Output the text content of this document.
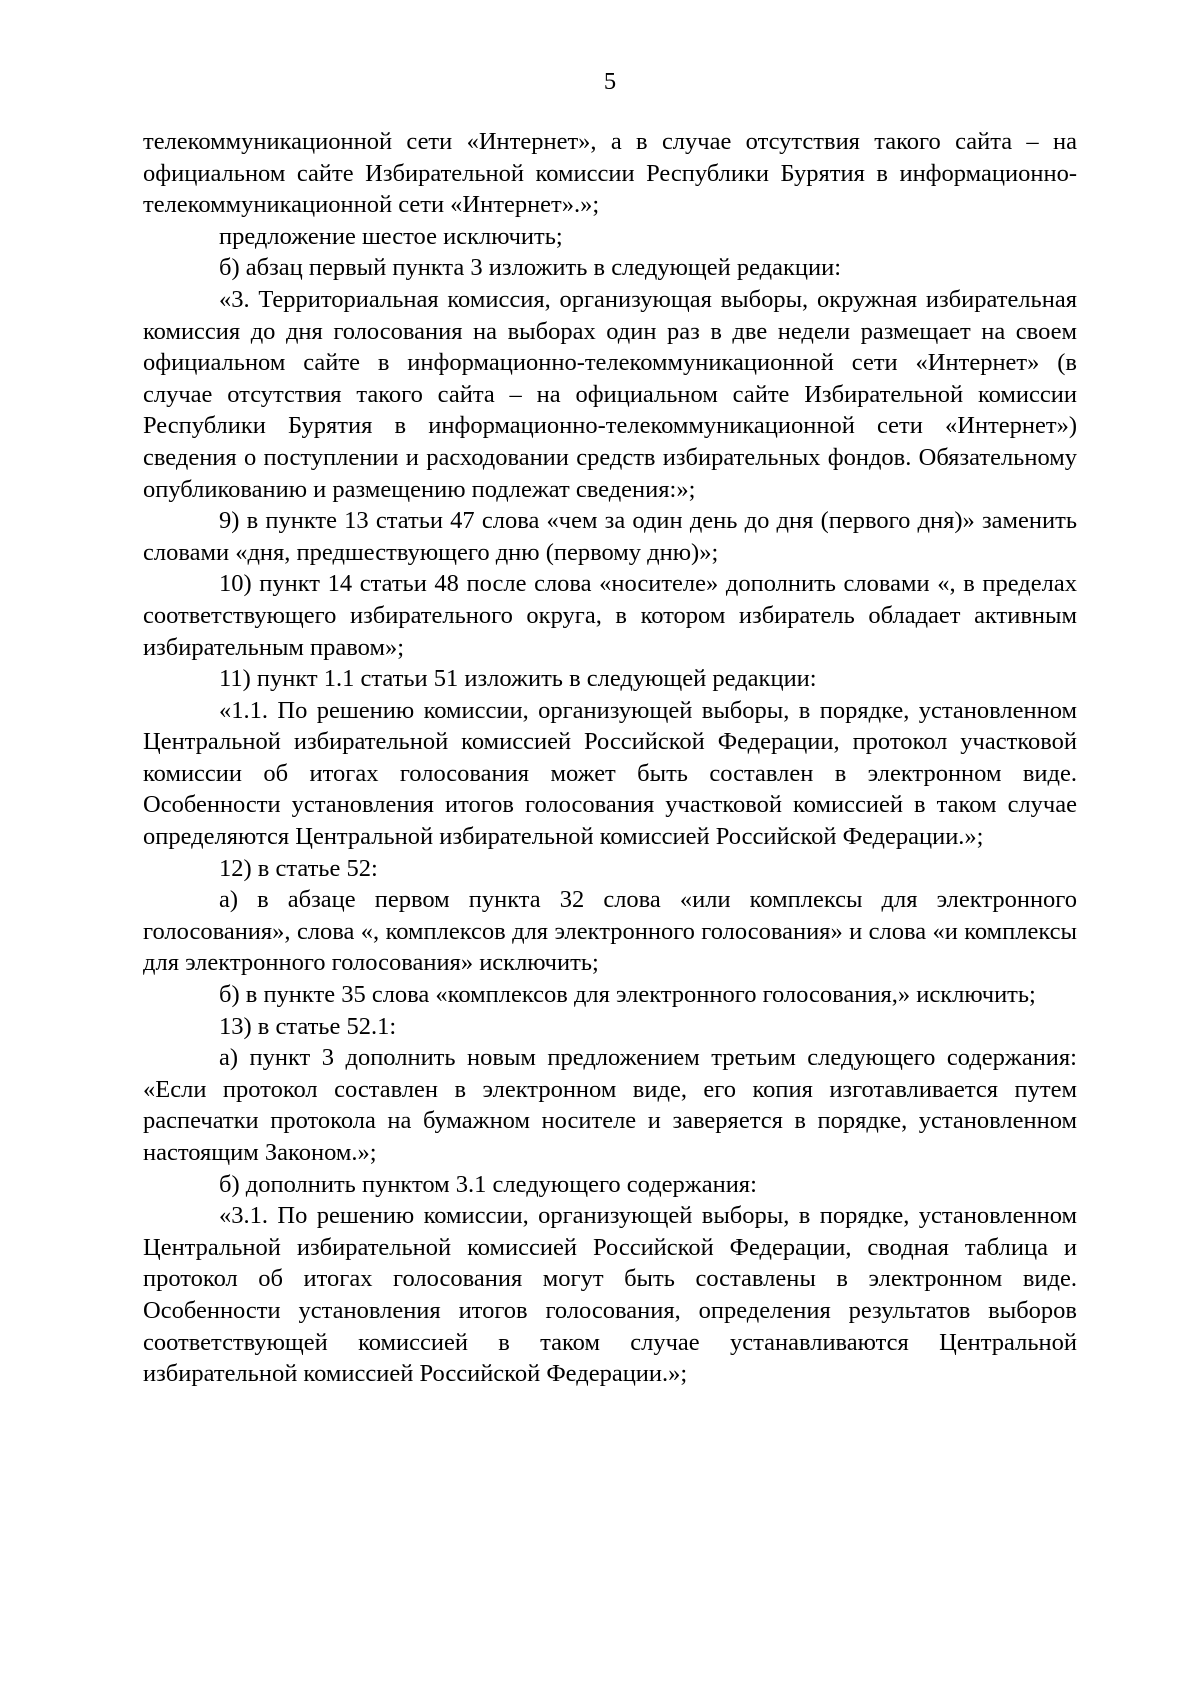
5

телекоммуникационной сети «Интернет», а в случае отсутствия такого сайта – на официальном сайте Избирательной комиссии Республики Бурятия в информационно-телекоммуникационной сети «Интернет».»;

предложение шестое исключить;

б) абзац первый пункта 3 изложить в следующей редакции:

«3. Территориальная комиссия, организующая выборы, окружная избирательная комиссия до дня голосования на выборах один раз в две недели размещает на своем официальном сайте в информационно-телекоммуникационной сети «Интернет» (в случае отсутствия такого сайта – на официальном сайте Избирательной комиссии Республики Бурятия в информационно-телекоммуникационной сети «Интернет») сведения о поступлении и расходовании средств избирательных фондов. Обязательному опубликованию и размещению подлежат сведения:»;

9) в пункте 13 статьи 47 слова «чем за один день до дня (первого дня)» заменить словами «дня, предшествующего дню (первому дню)»;

10) пункт 14 статьи 48 после слова «носителе» дополнить словами «, в пределах соответствующего избирательного округа, в котором избиратель обладает активным избирательным правом»;

11) пункт 1.1 статьи 51 изложить в следующей редакции:

«1.1. По решению комиссии, организующей выборы, в порядке, установленном Центральной избирательной комиссией Российской Федерации, протокол участковой комиссии об итогах голосования может быть составлен в электронном виде. Особенности установления итогов голосования участковой комиссией в таком случае определяются Центральной избирательной комиссией Российской Федерации.»;

12) в статье 52:

а) в абзаце первом пункта 32 слова «или комплексы для электронного голосования», слова «, комплексов для электронного голосования» и слова «и комплексы для электронного голосования» исключить;

б) в пункте 35 слова «комплексов для электронного голосования,» исключить;

13) в статье 52.1:

а) пункт 3 дополнить новым предложением третьим следующего содержания: «Если протокол составлен в электронном виде, его копия изготавливается путем распечатки протокола на бумажном носителе и заверяется в порядке, установленном настоящим Законом.»;

б) дополнить пунктом 3.1 следующего содержания:

«3.1. По решению комиссии, организующей выборы, в порядке, установленном Центральной избирательной комиссией Российской Федерации, сводная таблица и протокол об итогах голосования могут быть составлены в электронном виде. Особенности установления итогов голосования, определения результатов выборов соответствующей комиссией в таком случае устанавливаются Центральной избирательной комиссией Российской Федерации.»;
